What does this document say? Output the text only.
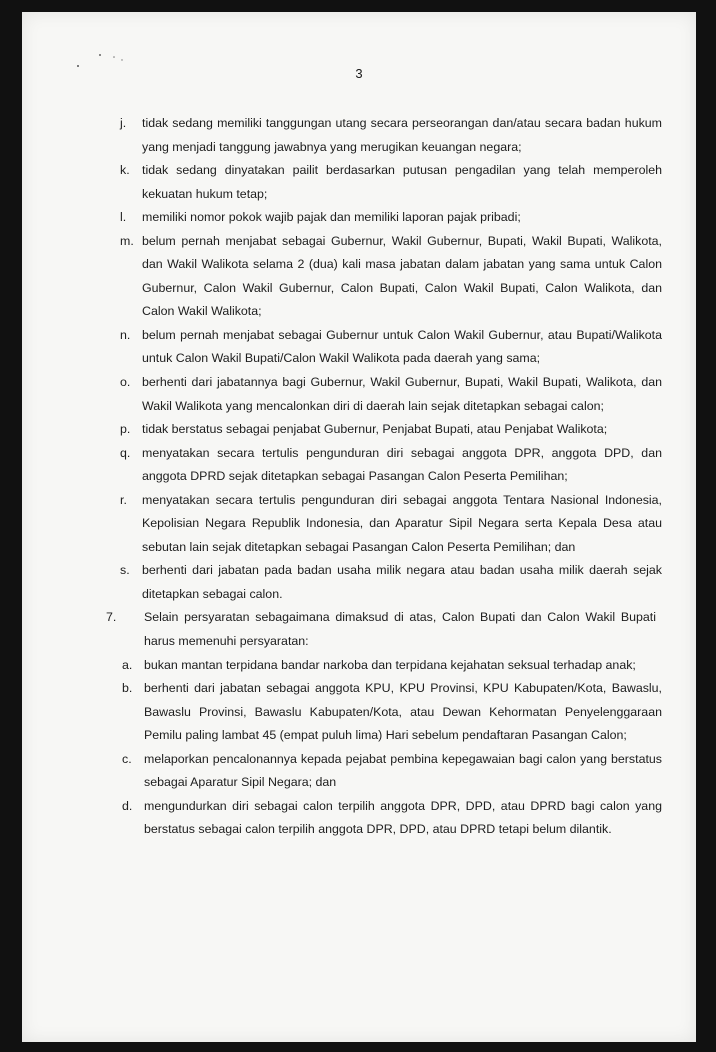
3
j. tidak sedang memiliki tanggungan utang secara perseorangan dan/atau secara badan hukum yang menjadi tanggung jawabnya yang merugikan keuangan negara;
k. tidak sedang dinyatakan pailit berdasarkan putusan pengadilan yang telah memperoleh kekuatan hukum tetap;
l. memiliki nomor pokok wajib pajak dan memiliki laporan pajak pribadi;
m. belum pernah menjabat sebagai Gubernur, Wakil Gubernur, Bupati, Wakil Bupati, Walikota, dan Wakil Walikota selama 2 (dua) kali masa jabatan dalam jabatan yang sama untuk Calon Gubernur, Calon Wakil Gubernur, Calon Bupati, Calon Wakil Bupati, Calon Walikota, dan Calon Wakil Walikota;
n. belum pernah menjabat sebagai Gubernur untuk Calon Wakil Gubernur, atau Bupati/Walikota untuk Calon Wakil Bupati/Calon Wakil Walikota pada daerah yang sama;
o. berhenti dari jabatannya bagi Gubernur, Wakil Gubernur, Bupati, Wakil Bupati, Walikota, dan Wakil Walikota yang mencalonkan diri di daerah lain sejak ditetapkan sebagai calon;
p. tidak berstatus sebagai penjabat Gubernur, Penjabat Bupati, atau Penjabat Walikota;
q. menyatakan secara tertulis pengunduran diri sebagai anggota DPR, anggota DPD, dan anggota DPRD sejak ditetapkan sebagai Pasangan Calon Peserta Pemilihan;
r. menyatakan secara tertulis pengunduran diri sebagai anggota Tentara Nasional Indonesia, Kepolisian Negara Republik Indonesia, dan Aparatur Sipil Negara serta Kepala Desa atau sebutan lain sejak ditetapkan sebagai Pasangan Calon Peserta Pemilihan; dan
s. berhenti dari jabatan pada badan usaha milik negara atau badan usaha milik daerah sejak ditetapkan sebagai calon.
7. Selain persyaratan sebagaimana dimaksud di atas, Calon Bupati dan Calon Wakil Bupati harus memenuhi persyaratan:
a. bukan mantan terpidana bandar narkoba dan terpidana kejahatan seksual terhadap anak;
b. berhenti dari jabatan sebagai anggota KPU, KPU Provinsi, KPU Kabupaten/Kota, Bawaslu, Bawaslu Provinsi, Bawaslu Kabupaten/Kota, atau Dewan Kehormatan Penyelenggaraan Pemilu paling lambat 45 (empat puluh lima) Hari sebelum pendaftaran Pasangan Calon;
c. melaporkan pencalonannya kepada pejabat pembina kepegawaian bagi calon yang berstatus sebagai Aparatur Sipil Negara; dan
d. mengundurkan diri sebagai calon terpilih anggota DPR, DPD, atau DPRD bagi calon yang berstatus sebagai calon terpilih anggota DPR, DPD, atau DPRD tetapi belum dilantik.
